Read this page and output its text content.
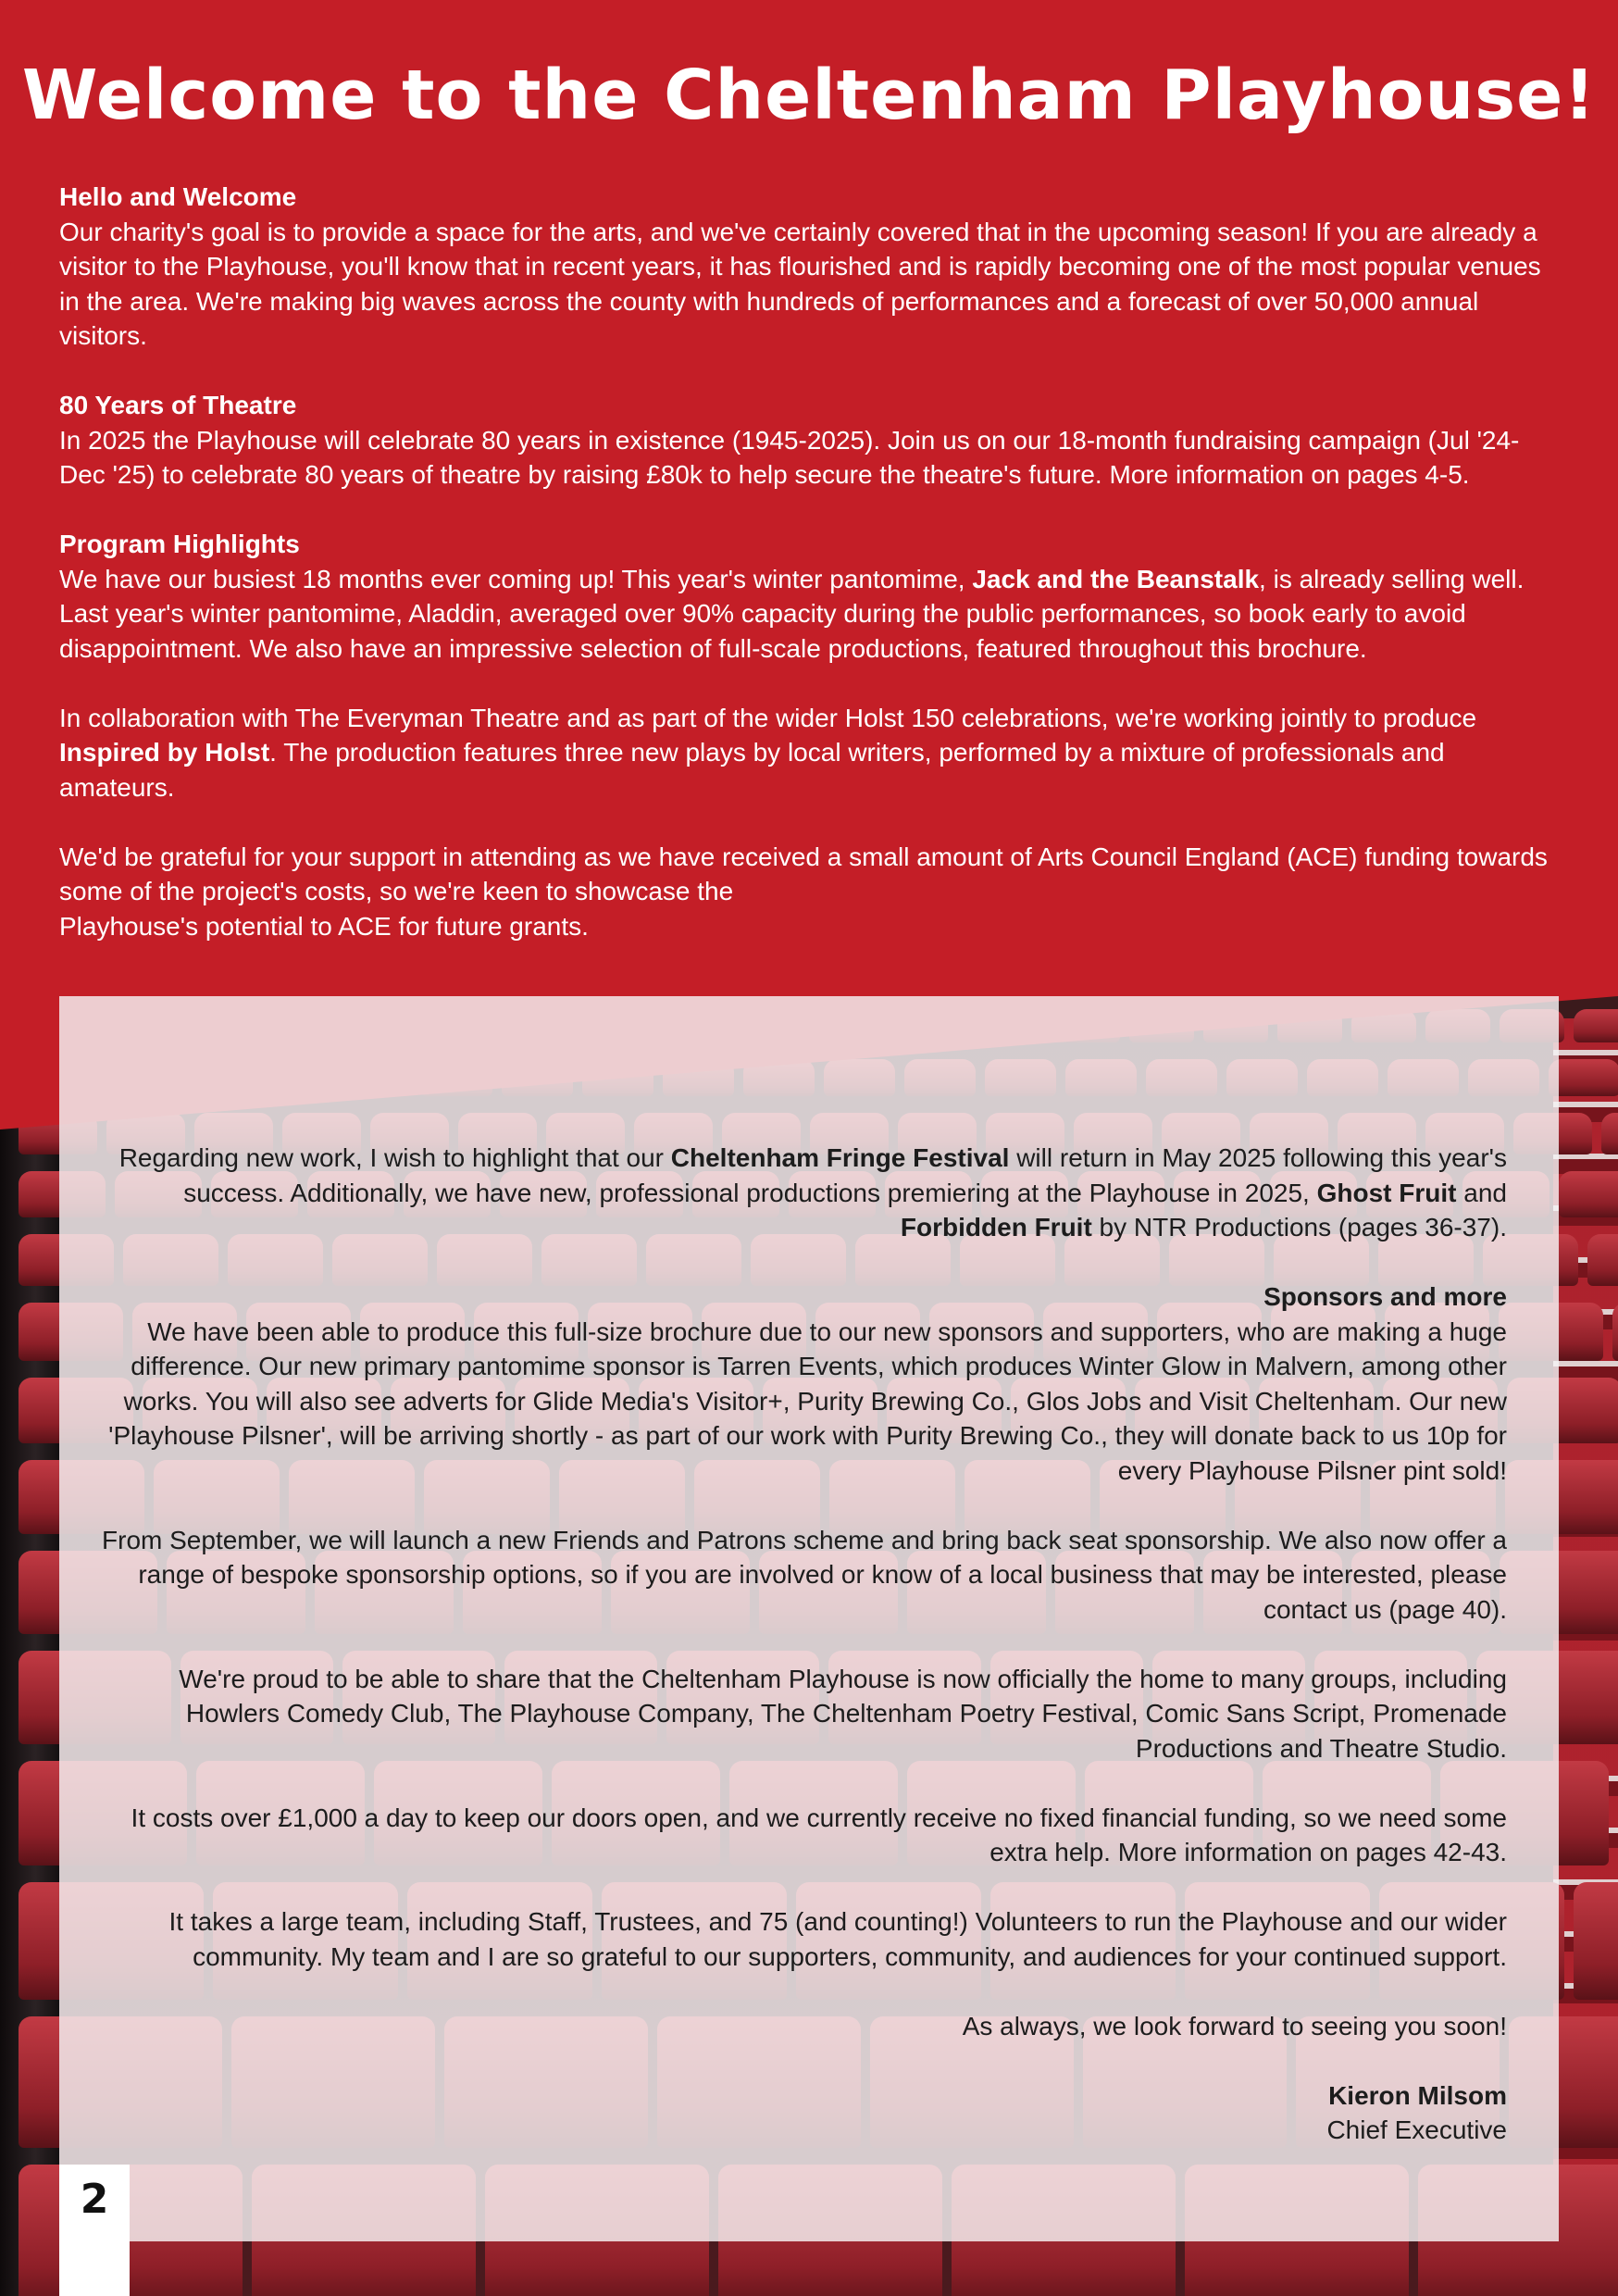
Welcome to the Cheltenham Playhouse!
Hello and Welcome
Our charity's goal is to provide a space for the arts, and we've certainly covered that in the upcoming season! If you are already a visitor to the Playhouse, you'll know that in recent years, it has flourished and is rapidly becoming one of the most popular venues in the area. We're making big waves across the county with hundreds of performances and a forecast of over 50,000 annual visitors.
80 Years of Theatre
In 2025 the Playhouse will celebrate 80 years in existence (1945-2025). Join us on our 18-month fundraising campaign (Jul '24-Dec '25) to celebrate 80 years of theatre by raising £80k to help secure the theatre's future. More information on pages 4-5.
Program Highlights
We have our busiest 18 months ever coming up! This year's winter pantomime, Jack and the Beanstalk, is already selling well. Last year's winter pantomime, Aladdin, averaged over 90% capacity during the public performances, so book early to avoid disappointment. We also have an impressive selection of full-scale productions, featured throughout this brochure.

In collaboration with The Everyman Theatre and as part of the wider Holst 150 celebrations, we're working jointly to produce Inspired by Holst. The production features three new plays by local writers, performed by a mixture of professionals and amateurs.

We'd be grateful for your support in attending as we have received a small amount of Arts Council England (ACE) funding towards some of the project's costs, so we're keen to showcase the
Playhouse's potential to ACE for future grants.

Regarding new work, I wish to highlight that our Cheltenham Fringe Festival will return in May 2025 following this year's success. Additionally, we have new, professional productions premiering at the Playhouse in 2025, Ghost Fruit and Forbidden Fruit by NTR Productions (pages 36-37).

Sponsors and more

We have been able to produce this full-size brochure due to our new sponsors and supporters, who are making a huge difference. Our new primary pantomime sponsor is Tarren Events, which produces Winter Glow in Malvern, among other works. You will also see adverts for Glide Media's Visitor+, Purity Brewing Co., Glos Jobs and Visit Cheltenham. Our new 'Playhouse Pilsner', will be arriving shortly - as part of our work with Purity Brewing Co., they will donate back to us 10p for every Playhouse Pilsner pint sold!

From September, we will launch a new Friends and Patrons scheme and bring back seat sponsorship. We also now offer a range of bespoke sponsorship options, so if you are involved or know of a local business that may be interested, please contact us (page 40).

We're proud to be able to share that the Cheltenham Playhouse is now officially the home to many groups, including Howlers Comedy Club, The Playhouse Company, The Cheltenham Poetry Festival, Comic Sans Script, Promenade Productions and Theatre Studio.

It costs over £1,000 a day to keep our doors open, and we currently receive no fixed financial funding, so we need some extra help. More information on pages 42-43.

It takes a large team, including Staff, Trustees, and 75 (and counting!) Volunteers to run the Playhouse and our wider community. My team and I are so grateful to our supporters, community, and audiences for your continued support.

As always, we look forward to seeing you soon!

Kieron Milsom
Chief Executive
2
